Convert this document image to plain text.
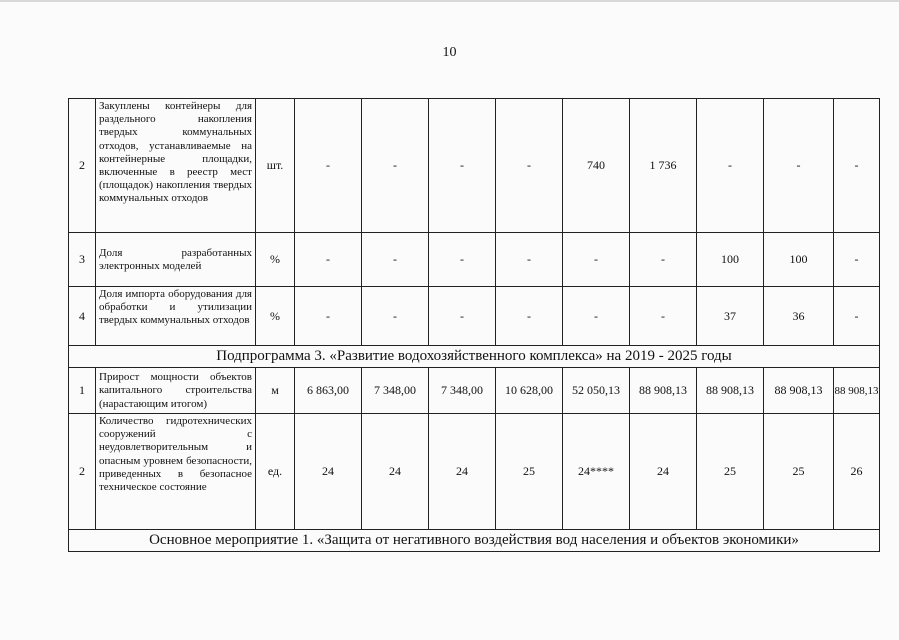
10
2	Закуплены контейнеры для раздельного накопления твердых коммунальных отходов, устанавливаемые на контейнерные площадки, включенные в реестр мест (площадок) накопления твердых коммунальных отходов	шт.	-	-	-	-	740	1 736	-	-	-
3	Доля разработанных электронных моделей	%	-	-	-	-	-	-	100	100	-
4	Доля импорта оборудования для обработки и утилизации твердых коммунальных отходов	%	-	-	-	-	-	-	37	36	-
Подпрограмма 3. «Развитие водохозяйственного комплекса» на 2019 - 2025 годы											
1	Прирост мощности объектов капитального строительства (нарастающим итогом)	м	6 863,00	7 348,00	7 348,00	10 628,00	52 050,13	88 908,13	88 908,13	88 908,13	88 908,13
2	Количество гидротехнических сооружений с неудовлетворительным и опасным уровнем безопасности, приведенных в безопасное техническое состояние	ед.	24	24	24	25	24****	24	25	25	26
Основное мероприятие 1. «Защита от негативного воздействия вод населения и объектов экономики»											
